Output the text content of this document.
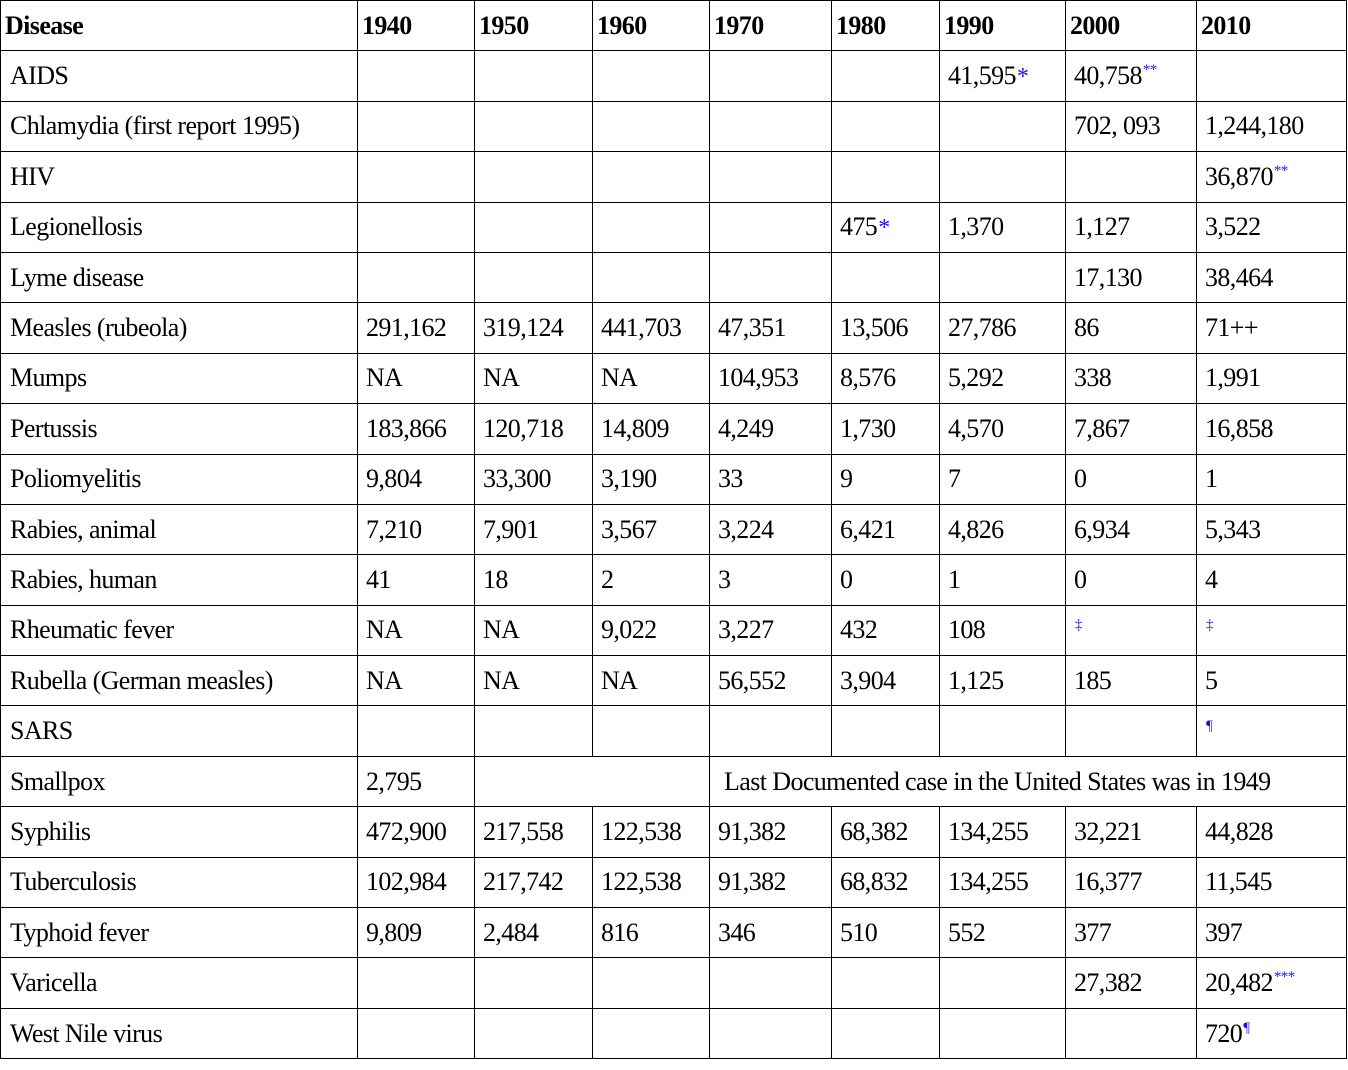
Disease	1940	1950	1960	1970	1980	1990	2000	2010
AIDS						41,595*	40,758**	
Chlamydia (first report 1995)							702, 093	1,244,180
HIV								36,870**
Legionellosis					475*	1,370	1,127	3,522
Lyme disease							17,130	38,464
Measles (rubeola)	291,162	319,124	441,703	47,351	13,506	27,786	86	71++
Mumps	NA	NA	NA	104,953	8,576	5,292	338	1,991
Pertussis	183,866	120,718	14,809	4,249	1,730	4,570	7,867	16,858
Poliomyelitis	9,804	33,300	3,190	33	9	7	0	1
Rabies, animal	7,210	7,901	3,567	3,224	6,421	4,826	6,934	5,343
Rabies, human	41	18	2	3	0	1	0	4
Rheumatic fever	NA	NA	9,022	3,227	432	108	‡	‡
Rubella (German measles)	NA	NA	NA	56,552	3,904	1,125	185	5
SARS								¶
Smallpox	2,795			Last Documented case in the United States was in 1949				
Syphilis	472,900	217,558	122,538	91,382	68,382	134,255	32,221	44,828
Tuberculosis	102,984	217,742	122,538	91,382	68,832	134,255	16,377	11,545
Typhoid fever	9,809	2,484	816	346	510	552	377	397
Varicella							27,382	20,482***
West Nile virus								720¶
